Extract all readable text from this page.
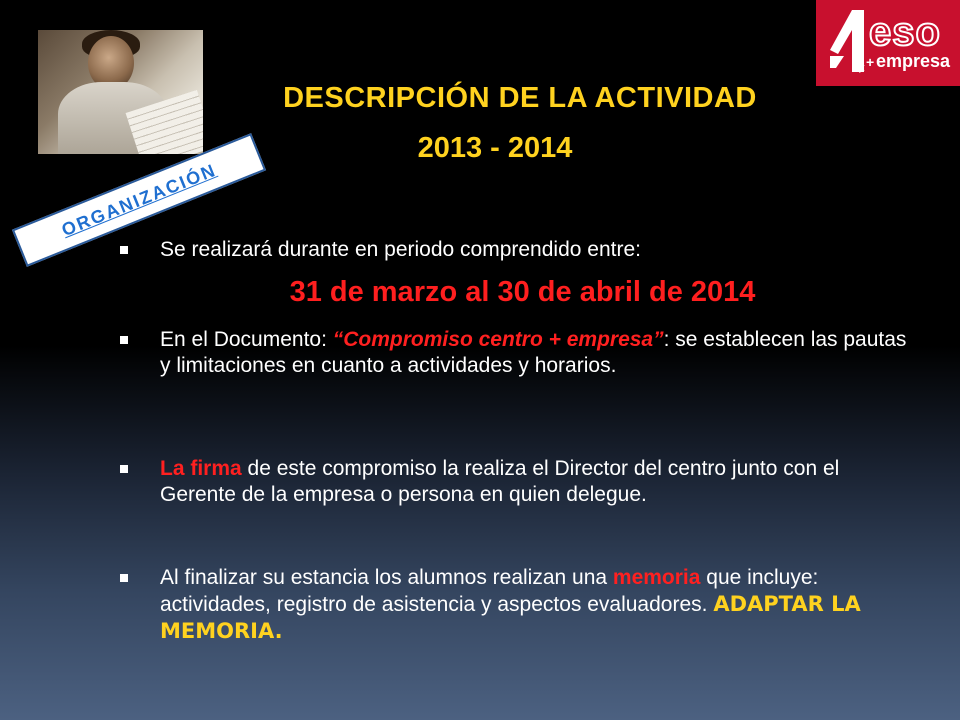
eso
❄ + empresa
DESCRIPCIÓN DE LA ACTIVIDAD
2013 - 2014
ORGANIZACIÓN
Se realizará durante en periodo comprendido entre:
31 de marzo al 30 de abril de 2014
En el Documento: “Compromiso centro + empresa”: se establecen las pautas y limitaciones en cuanto a actividades y horarios.
La firma de este compromiso la realiza el Director del centro junto con el Gerente de la empresa o persona en quien delegue.
Al finalizar su estancia los alumnos realizan una memoria que incluye: actividades, registro de asistencia y aspectos evaluadores. ADAPTAR LA MEMORIA.
